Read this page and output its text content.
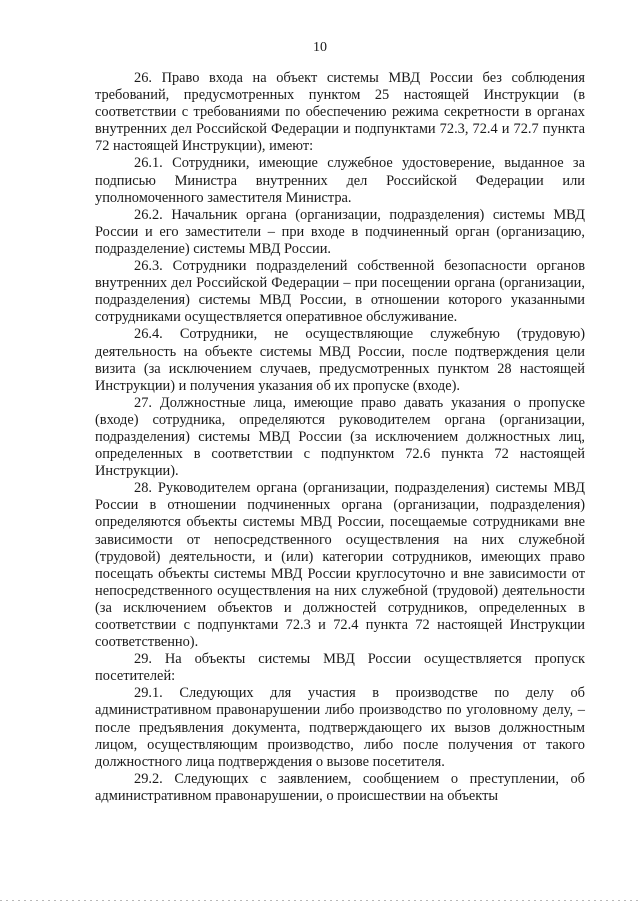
10

26. Право входа на объект системы МВД России без соблюдения требований, предусмотренных пунктом 25 настоящей Инструкции (в соответствии с требованиями по обеспечению режима секретности в органах внутренних дел Российской Федерации и подпунктами 72.3, 72.4 и 72.7 пункта 72 настоящей Инструкции), имеют:

26.1. Сотрудники, имеющие служебное удостоверение, выданное за подписью Министра внутренних дел Российской Федерации или уполномоченного заместителя Министра.

26.2. Начальник органа (организации, подразделения) системы МВД России и его заместители – при входе в подчиненный орган (организацию, подразделение) системы МВД России.

26.3. Сотрудники подразделений собственной безопасности органов внутренних дел Российской Федерации – при посещении органа (организации, подразделения) системы МВД России, в отношении которого указанными сотрудниками осуществляется оперативное обслуживание.

26.4. Сотрудники, не осуществляющие служебную (трудовую) деятельность на объекте системы МВД России, после подтверждения цели визита (за исключением случаев, предусмотренных пунктом 28 настоящей Инструкции) и получения указания об их пропуске (входе).

27. Должностные лица, имеющие право давать указания о пропуске (входе) сотрудника, определяются руководителем органа (организации, подразделения) системы МВД России (за исключением должностных лиц, определенных в соответствии с подпунктом 72.6 пункта 72 настоящей Инструкции).

28. Руководителем органа (организации, подразделения) системы МВД России в отношении подчиненных органа (организации, подразделения) определяются объекты системы МВД России, посещаемые сотрудниками вне зависимости от непосредственного осуществления на них служебной (трудовой) деятельности, и (или) категории сотрудников, имеющих право посещать объекты системы МВД России круглосуточно и вне зависимости от непосредственного осуществления на них служебной (трудовой) деятельности (за исключением объектов и должностей сотрудников, определенных в соответствии с подпунктами 72.3 и 72.4 пункта 72 настоящей Инструкции соответственно).

29. На объекты системы МВД России осуществляется пропуск посетителей:

29.1. Следующих для участия в производстве по делу об административном правонарушении либо производство по уголовному делу, – после предъявления документа, подтверждающего их вызов должностным лицом, осуществляющим производство, либо после получения от такого должностного лица подтверждения о вызове посетителя.

29.2. Следующих с заявлением, сообщением о преступлении, об административном правонарушении, о происшествии на объекты
